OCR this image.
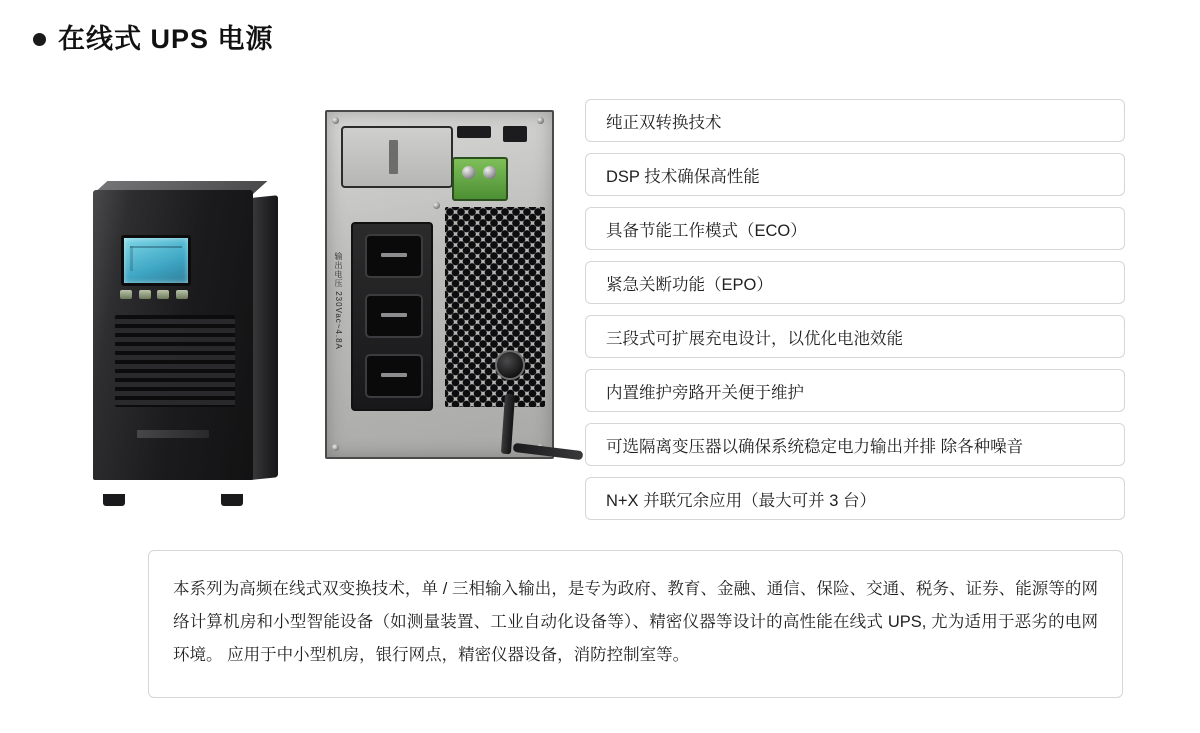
在线式 UPS 电源
输出电压 230Vac~4.8A
纯正双转换技术
DSP 技术确保高性能
具备节能工作模式（ECO）
紧急关断功能（EPO）
三段式可扩展充电设计，以优化电池效能
内置维护旁路开关便于维护
可选隔离变压器以确保系统稳定电力输出并排 除各种噪音
N+X 并联冗余应用（最大可并 3 台）

本系列为高频在线式双变换技术，单 / 三相输入输出，是专为政府、教育、金融、通信、保险、交通、税务、证券、能源等的网络计算机房和小型智能设备（如测量装置、工业自动化设备等）、精密仪器等设计的高性能在线式 UPS, 尤为适用于恶劣的电网环境。 应用于中小型机房，银行网点，精密仪器设备，消防控制室等。
